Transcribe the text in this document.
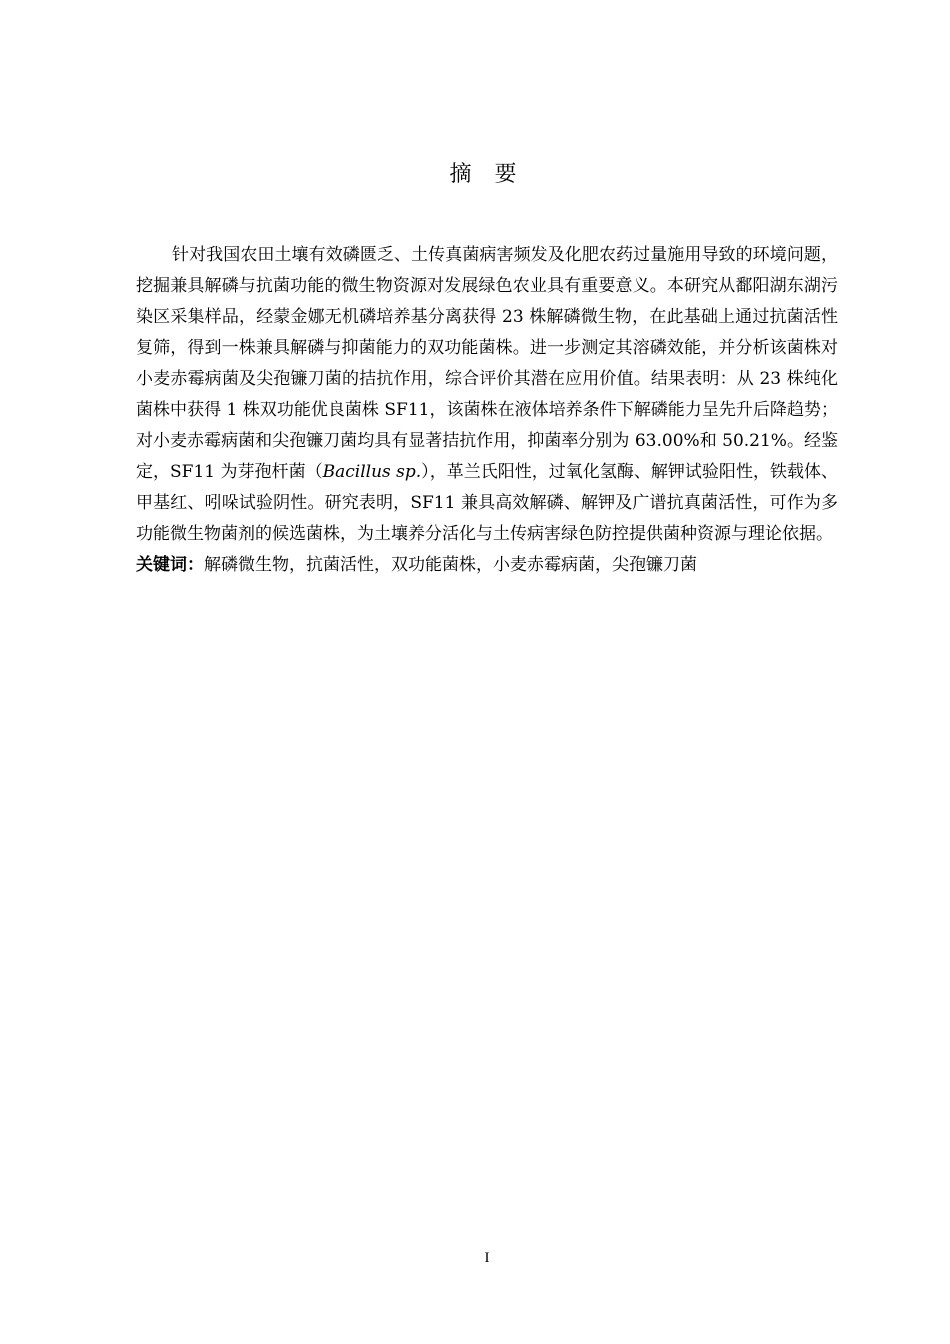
摘 要

针对我国农田土壤有效磷匮乏、土传真菌病害频发及化肥农药过量施用导致的环境问题，挖掘兼具解磷与抗菌功能的微生物资源对发展绿色农业具有重要意义。本研究从鄱阳湖东湖污染区采集样品，经蒙金娜无机磷培养基分离获得 23 株解磷微生物，在此基础上通过抗菌活性复筛，得到一株兼具解磷与抑菌能力的双功能菌株。进一步测定其溶磷效能，并分析该菌株对小麦赤霉病菌及尖孢镰刀菌的拮抗作用，综合评价其潜在应用价值。结果表明：从 23 株纯化菌株中获得 1 株双功能优良菌株 SF11，该菌株在液体培养条件下解磷能力呈先升后降趋势；对小麦赤霉病菌和尖孢镰刀菌均具有显著拮抗作用，抑菌率分别为 63.00%和 50.21%。经鉴定，SF11 为芽孢杆菌（Bacillus sp.），革兰氏阳性，过氧化氢酶、解钾试验阳性，铁载体、甲基红、吲哚试验阴性。研究表明，SF11 兼具高效解磷、解钾及广谱抗真菌活性，可作为多功能微生物菌剂的候选菌株，为土壤养分活化与土传病害绿色防控提供菌种资源与理论依据。

关键词：解磷微生物，抗菌活性，双功能菌株，小麦赤霉病菌，尖孢镰刀菌

I
